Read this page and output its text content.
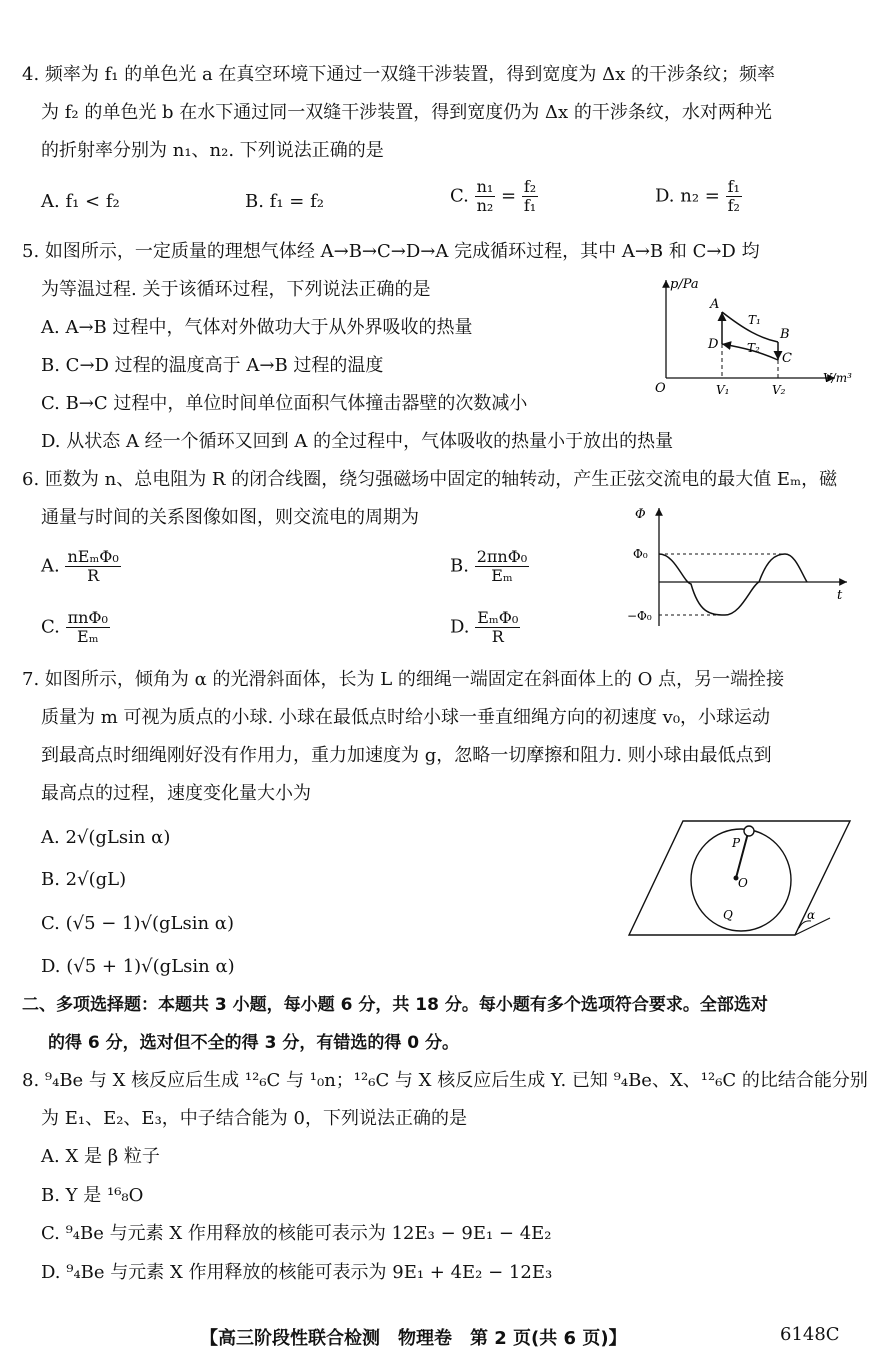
4. 频率为 f₁ 的单色光 a 在真空环境下通过一双缝干涉装置，得到宽度为 Δx 的干涉条纹；频率
为 f₂ 的单色光 b 在水下通过同一双缝干涉装置，得到宽度仍为 Δx 的干涉条纹，水对两种光
的折射率分别为 n₁、n₂. 下列说法正确的是
A. f₁ < f₂	B. f₁ = f₂	C. $\frac{\text{n₁}}{\text{n₂}} = \frac{\text{f₂}}{\text{f₁}}$	D. $n_2 = \frac{\text{f₁}}{\text{f₂}}$
5. 如图所示，一定质量的理想气体经 A→B→C→D→A 完成循环过程，其中 A→B 和 C→D 均
为等温过程. 关于该循环过程，下列说法正确的是
A. A→B 过程中，气体对外做功大于从外界吸收的热量
B. C→D 过程的温度高于 A→B 过程的温度
C. B→C 过程中，单位时间单位面积气体撞击器壁的次数减小
D. 从状态 A 经一个循环又回到 A 的全过程中，气体吸收的热量小于放出的热量
p/Pa
V/m³
O
A
B
C
D
T₁
T₂
V₁	V₂
6. 匝数为 n、总电阻为 R 的闭合线圈，绕匀强磁场中固定的轴转动，产生正弦交流电的最大值 Eₘ，磁
通量与时间的关系图像如图，则交流电的周期为
A. $\frac{\text{nEₘΦ₀}}{R}$	B. $\frac{\text{2πnΦ₀}}{\text{Eₘ}}$
C. $\frac{\text{πnΦ₀}}{\text{Eₘ}}$	D. $\frac{\text{EₘΦ₀}}{R}$
Φ
t
Φ₀
−Φ₀
7. 如图所示，倾角为 α 的光滑斜面体，长为 L 的细绳一端固定在斜面体上的 O 点，另一端拴接
质量为 m 可视为质点的小球. 小球在最低点时给小球一垂直细绳方向的初速度 v₀，小球运动
到最高点时细绳刚好没有作用力，重力加速度为 g，忽略一切摩擦和阻力. 则小球由最低点到
最高点的过程，速度变化量大小为
A. 2√(gLsin α)
B. 2√(gL)
C. (√5 − 1)√(gLsin α)
D. (√5 + 1)√(gLsin α)
P
O
Q	α
二、多项选择题：本题共 3 小题，每小题 6 分，共 18 分。每小题有多个选项符合要求。全部选对
的得 6 分，选对但不全的得 3 分，有错选的得 0 分。
8. ⁹₄Be 与 X 核反应后生成 ¹²₆C 与 ¹₀n；¹²₆C 与 X 核反应后生成 Y. 已知 ⁹₄Be、X、¹²₆C 的比结合能分别
为 E₁、E₂、E₃，中子结合能为 0，下列说法正确的是
A. X 是 β 粒子
B. Y 是 ¹⁶₈O
C. ⁹₄Be 与元素 X 作用释放的核能可表示为 12E₃ − 9E₁ − 4E₂
D. ⁹₄Be 与元素 X 作用释放的核能可表示为 9E₁ + 4E₂ − 12E₃
【高三阶段性联合检测　物理卷　第 2 页(共 6 页)】	6148C
